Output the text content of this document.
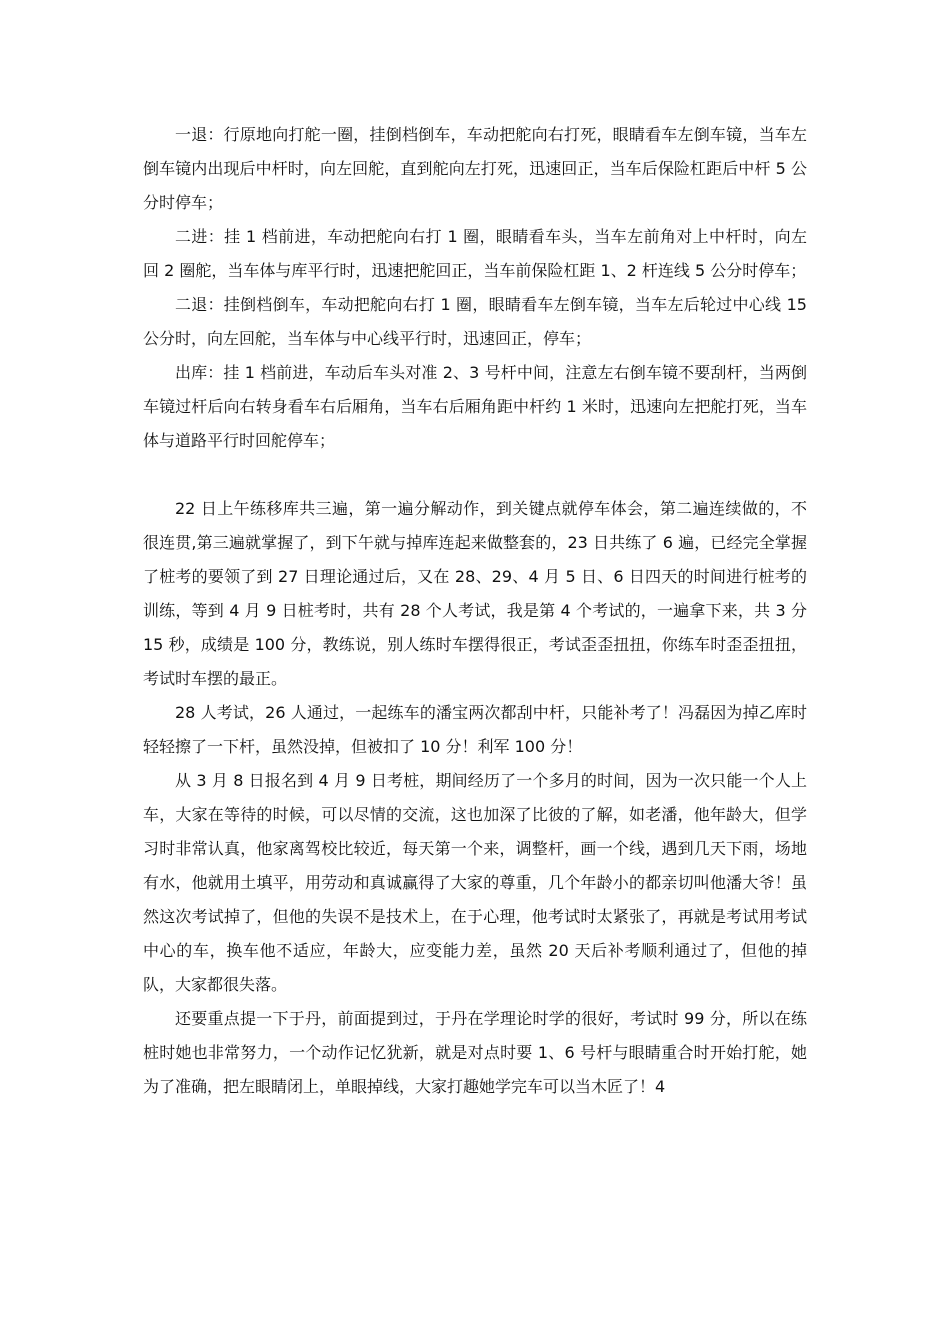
一退：行原地向打舵一圈，挂倒档倒车，车动把舵向右打死，眼睛看车左倒车镜，当车左倒车镜内出现后中杆时，向左回舵，直到舵向左打死，迅速回正，当车后保险杠距后中杆 5 公分时停车；

二进：挂 1 档前进，车动把舵向右打 1 圈，眼睛看车头，当车左前角对上中杆时，向左回 2 圈舵，当车体与库平行时，迅速把舵回正，当车前保险杠距 1、2 杆连线 5 公分时停车；

二退：挂倒档倒车，车动把舵向右打 1 圈，眼睛看车左倒车镜，当车左后轮过中心线 15 公分时，向左回舵，当车体与中心线平行时，迅速回正，停车；

出库：挂 1 档前进，车动后车头对准 2、3 号杆中间，注意左右倒车镜不要刮杆，当两倒车镜过杆后向右转身看车右后厢角，当车右后厢角距中杆约 1 米时，迅速向左把舵打死，当车体与道路平行时回舵停车；

22 日上午练移库共三遍，第一遍分解动作，到关键点就停车体会，第二遍连续做的，不很连贯,第三遍就掌握了，到下午就与掉库连起来做整套的，23 日共练了 6 遍，已经完全掌握了桩考的要领了到 27 日理论通过后，又在 28、29、4 月 5 日、6 日四天的时间进行桩考的训练，等到 4 月 9 日桩考时，共有 28 个人考试，我是第 4 个考试的，一遍拿下来，共 3 分 15 秒，成绩是 100 分，教练说，别人练时车摆得很正，考试歪歪扭扭，你练车时歪歪扭扭，考试时车摆的最正。

28 人考试，26 人通过，一起练车的潘宝两次都刮中杆，只能补考了！冯磊因为掉乙库时轻轻擦了一下杆，虽然没掉，但被扣了 10 分！利军 100 分！

从 3 月 8 日报名到 4 月 9 日考桩，期间经历了一个多月的时间，因为一次只能一个人上车，大家在等待的时候，可以尽情的交流，这也加深了比彼的了解，如老潘，他年龄大，但学习时非常认真，他家离驾校比较近，每天第一个来，调整杆，画一个线，遇到几天下雨，场地有水，他就用土填平，用劳动和真诚赢得了大家的尊重，几个年龄小的都亲切叫他潘大爷！虽然这次考试掉了，但他的失误不是技术上，在于心理，他考试时太紧张了，再就是考试用考试中心的车，换车他不适应，年龄大，应变能力差，虽然 20 天后补考顺利通过了，但他的掉队，大家都很失落。

还要重点提一下于丹，前面提到过，于丹在学理论时学的很好，考试时 99 分，所以在练桩时她也非常努力，一个动作记忆犹新，就是对点时要 1、6 号杆与眼睛重合时开始打舵，她为了准确，把左眼睛闭上，单眼掉线，大家打趣她学完车可以当木匠了！4
